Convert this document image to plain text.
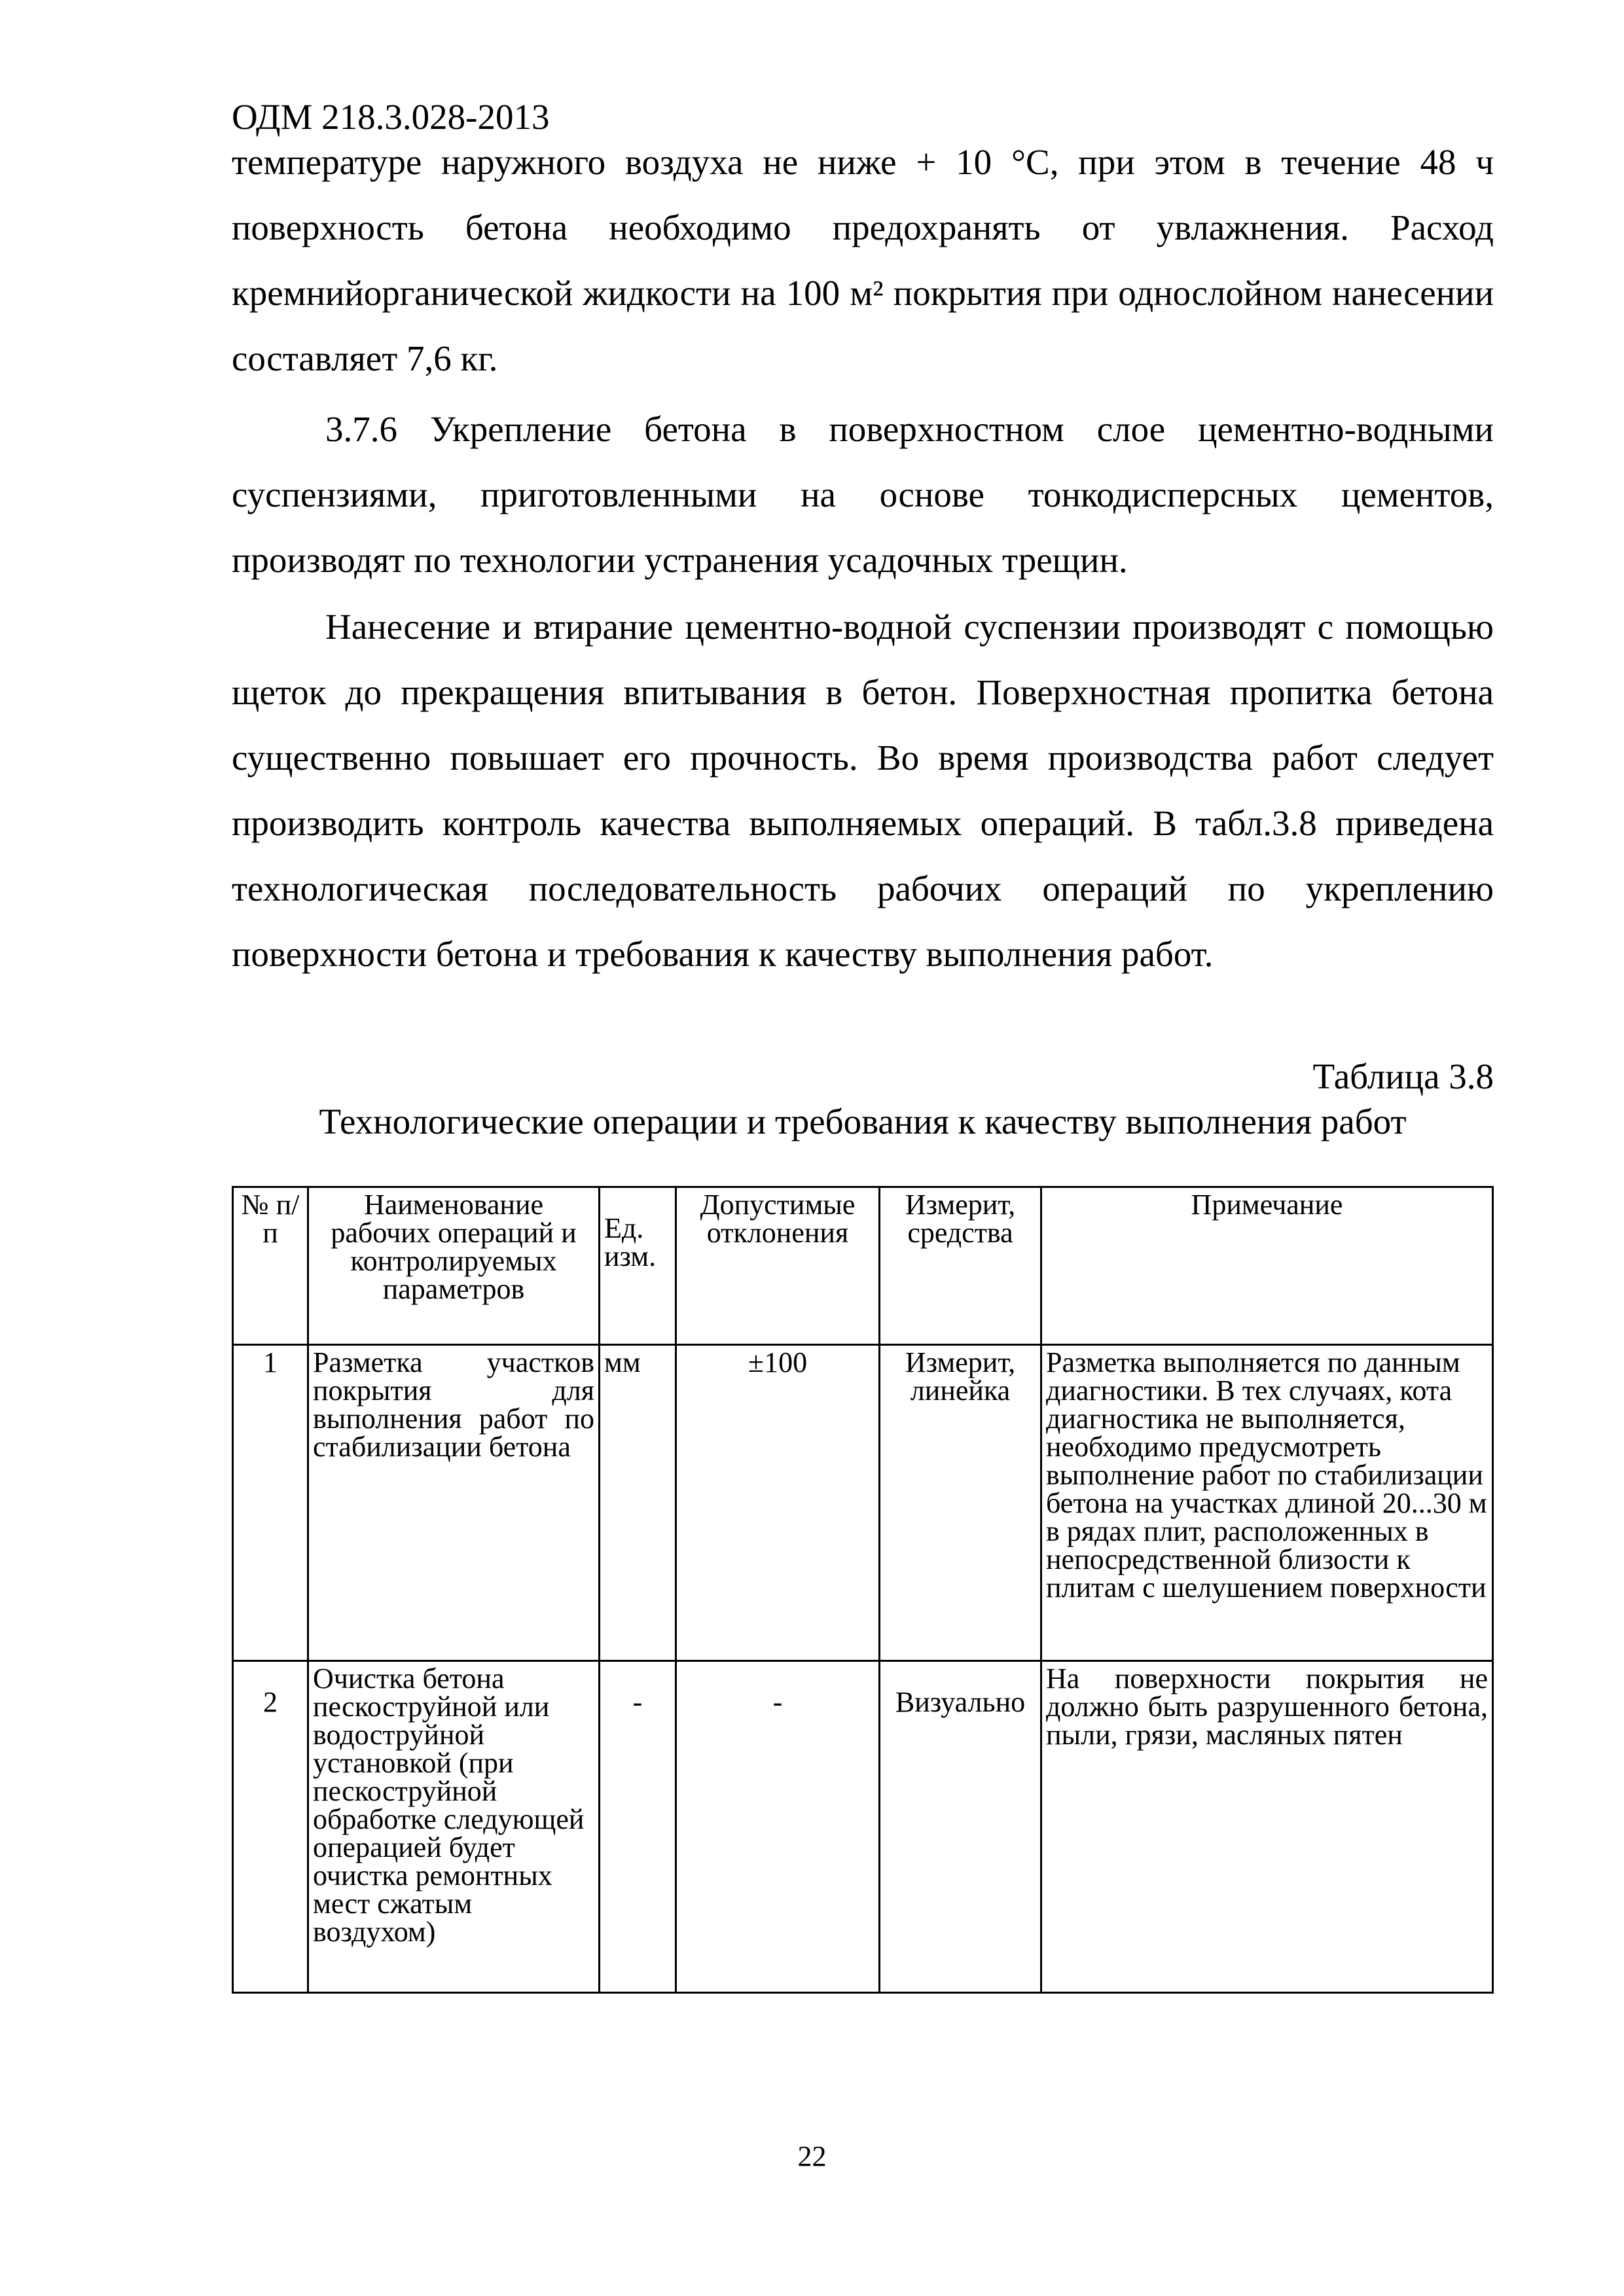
ОДМ 218.3.028-2013

температуре наружного воздуха не ниже + 10 °С, при этом в течение 48 ч поверхность бетона необходимо предохранять от увлажнения. Расход кремнийорганической жидкости на 100 м² покрытия при однослойном нанесении составляет 7,6 кг.

3.7.6 Укрепление бетона в поверхностном слое цементно-водными суспензиями, приготовленными на основе тонкодисперсных цементов, производят по технологии устранения усадочных трещин.

Нанесение и втирание цементно-водной суспензии производят с помощью щеток до прекращения впитывания в бетон. Поверхностная пропитка бетона существенно повышает его прочность. Во время производства работ следует производить контроль качества выполняемых операций. В табл.3.8 приведена технологическая последовательность рабочих операций по укреплению поверхности бетона и требования к качеству выполнения работ.

Таблица 3.8
Технологические операции и требования к качеству выполнения работ
№ п/п	Наименование рабочих операций и контролируемых параметров	Ед. изм.	Допустимые отклонения	Измерит, средства	Примечание
1	Разметка участков покрытия для выполнения работ по стабилизации бетона	мм	±100	Измерит, линейка	Разметка выполняется по данным диагностики. В тех случаях, кота диагностика не выполняется, необходимо предусмотреть выполнение работ по стабилизации бетона на участках длиной 20...30 м в рядах плит, расположенных в непосредственной близости к плитам с шелушением поверхности
2	Очистка бетона пескоструйной или водоструйной установкой (при пескоструйной обработке следующей операцией будет очистка ремонтных мест сжатым воздухом)	-	-	Визуально	На поверхности покрытия не должно быть разрушенного бетона, пыли, грязи, масляных пятен
22
